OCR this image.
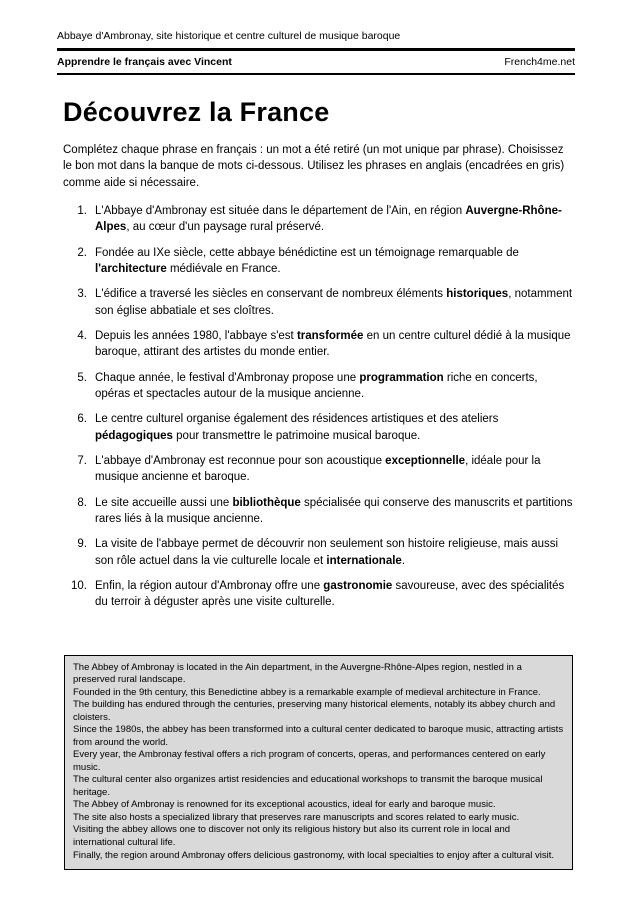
Abbaye d'Ambronay, site historique et centre culturel de musique baroque
Apprendre le français avec Vincent	French4me.net
Découvrez la France

Complétez chaque phrase en français : un mot a été retiré (un mot unique par phrase). Choisissez le bon mot dans la banque de mots ci-dessous. Utilisez les phrases en anglais (encadrées en gris) comme aide si nécessaire.

1. L'Abbaye d'Ambronay est située dans le département de l'Ain, en région Auvergne-Rhône-Alpes, au cœur d'un paysage rural préservé.
2. Fondée au IXe siècle, cette abbaye bénédictine est un témoignage remarquable de l'architecture médiévale en France.
3. L'édifice a traversé les siècles en conservant de nombreux éléments historiques, notamment son église abbatiale et ses cloîtres.
4. Depuis les années 1980, l'abbaye s'est transformée en un centre culturel dédié à la musique baroque, attirant des artistes du monde entier.
5. Chaque année, le festival d'Ambronay propose une programmation riche en concerts, opéras et spectacles autour de la musique ancienne.
6. Le centre culturel organise également des résidences artistiques et des ateliers pédagogiques pour transmettre le patrimoine musical baroque.
7. L'abbaye d'Ambronay est reconnue pour son acoustique exceptionnelle, idéale pour la musique ancienne et baroque.
8. Le site accueille aussi une bibliothèque spécialisée qui conserve des manuscrits et partitions rares liés à la musique ancienne.
9. La visite de l'abbaye permet de découvrir non seulement son histoire religieuse, mais aussi son rôle actuel dans la vie culturelle locale et internationale.
10. Enfin, la région autour d'Ambronay offre une gastronomie savoureuse, avec des spécialités du terroir à déguster après une visite culturelle.

The Abbey of Ambronay is located in the Ain department, in the Auvergne-Rhône-Alpes region, nestled in a preserved rural landscape.

Founded in the 9th century, this Benedictine abbey is a remarkable example of medieval architecture in France.

The building has endured through the centuries, preserving many historical elements, notably its abbey church and cloisters.

Since the 1980s, the abbey has been transformed into a cultural center dedicated to baroque music, attracting artists from around the world.

Every year, the Ambronay festival offers a rich program of concerts, operas, and performances centered on early music.

The cultural center also organizes artist residencies and educational workshops to transmit the baroque musical heritage.

The Abbey of Ambronay is renowned for its exceptional acoustics, ideal for early and baroque music.

The site also hosts a specialized library that preserves rare manuscripts and scores related to early music.

Visiting the abbey allows one to discover not only its religious history but also its current role in local and international cultural life.

Finally, the region around Ambronay offers delicious gastronomy, with local specialties to enjoy after a cultural visit.
